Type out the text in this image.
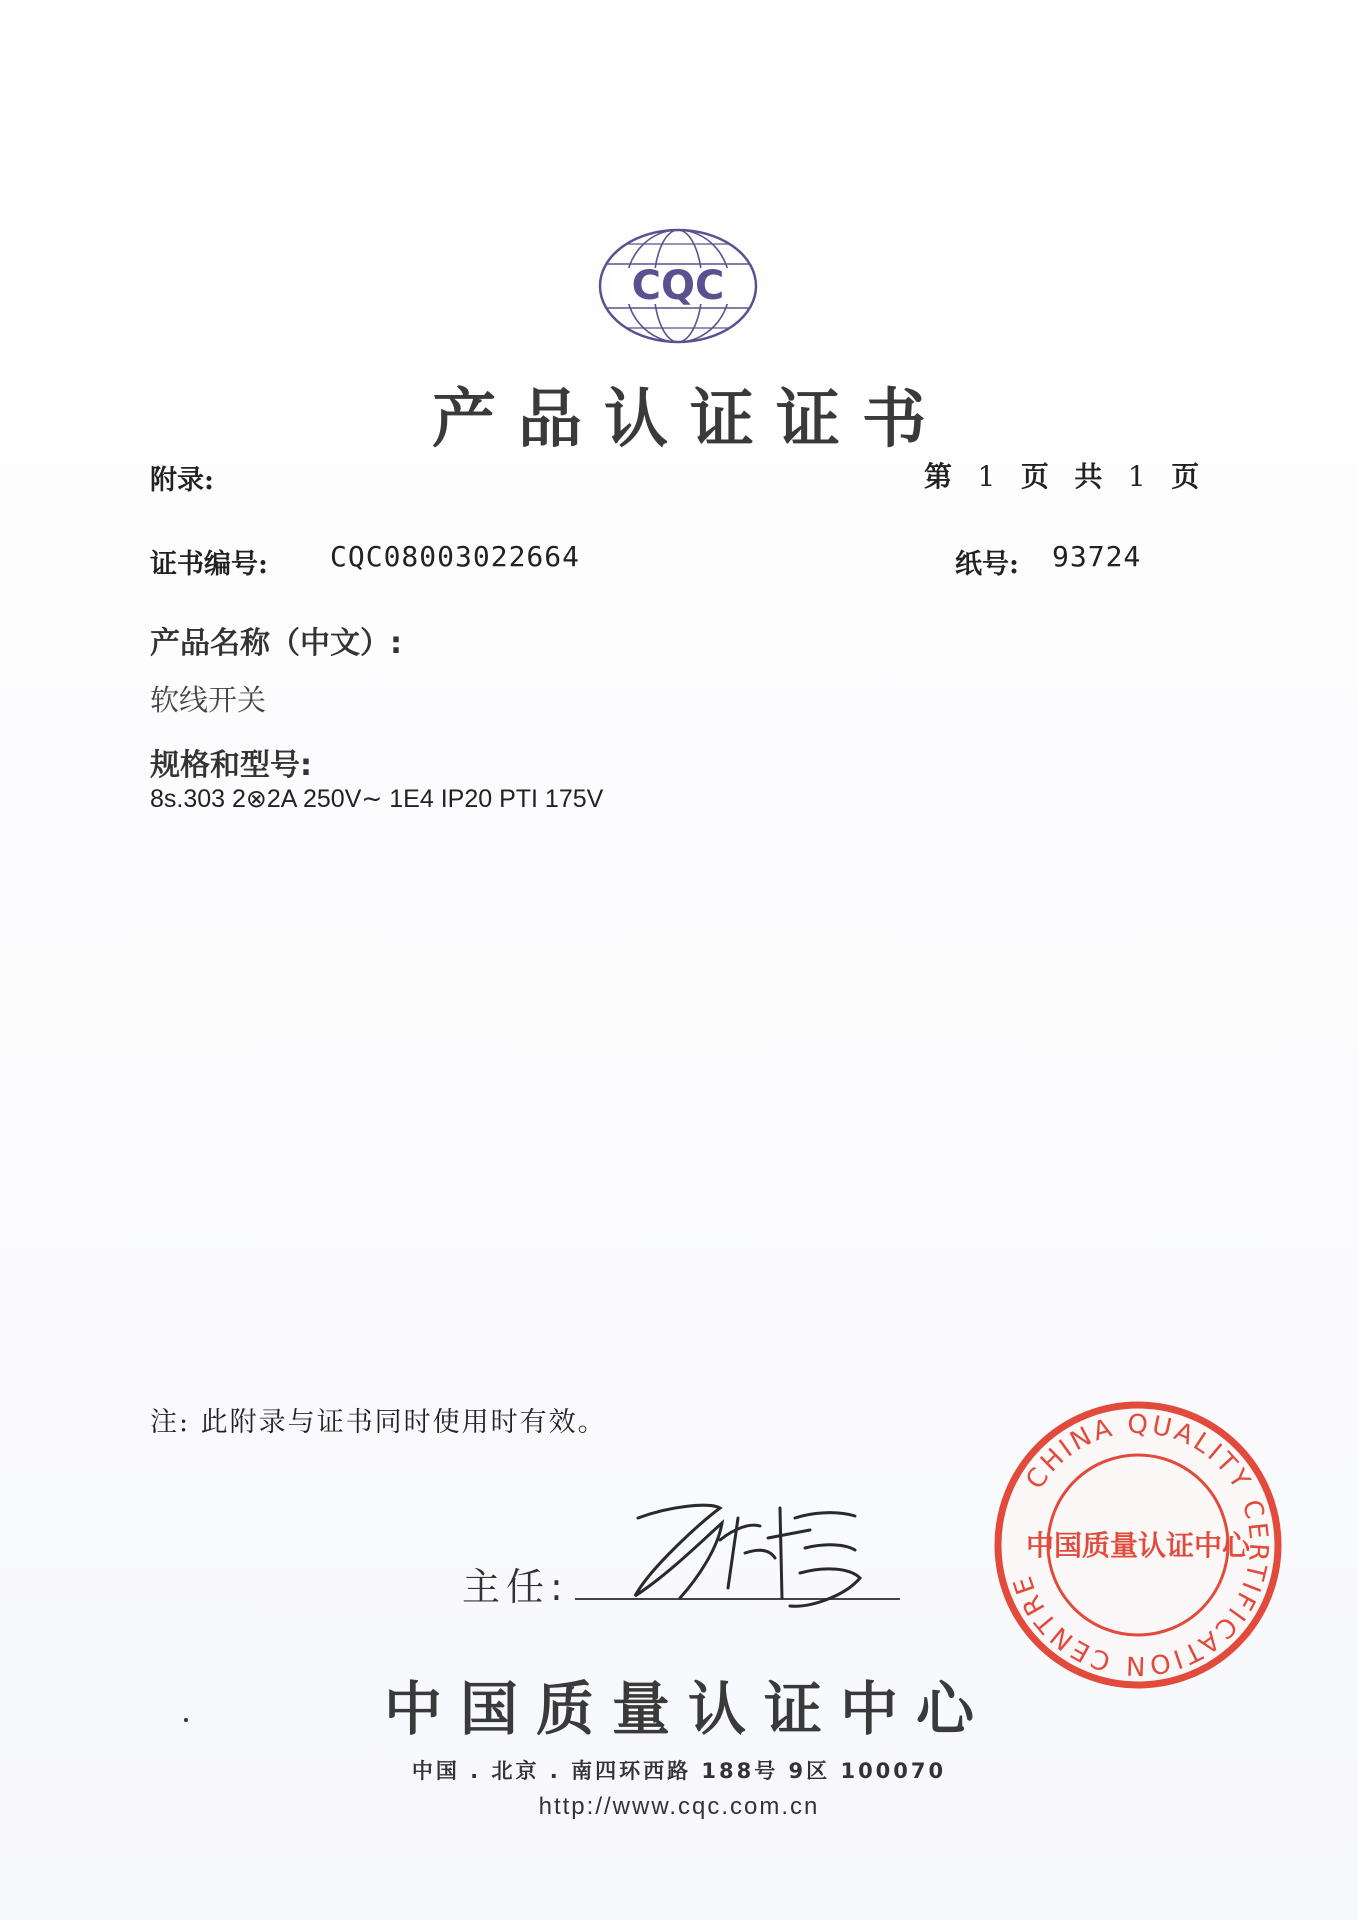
CQC
产品认证证书
附录:	第 1 页 共 1 页
证书编号: CQC08003022664	纸号: 93724
产品名称（中文）:
软线开关
规格和型号:
8s.303 2⊗2A 250V∼ 1E4 IP20 PTI 175V
注: 此附录与证书同时使用时有效。
主任:
CHINA QUALITY CERTIFICATION CENTRE
中国质量认证中心
中国质量认证中心
中国 . 北京 . 南四环西路 188号 9区 100070
http://www.cqc.com.cn
